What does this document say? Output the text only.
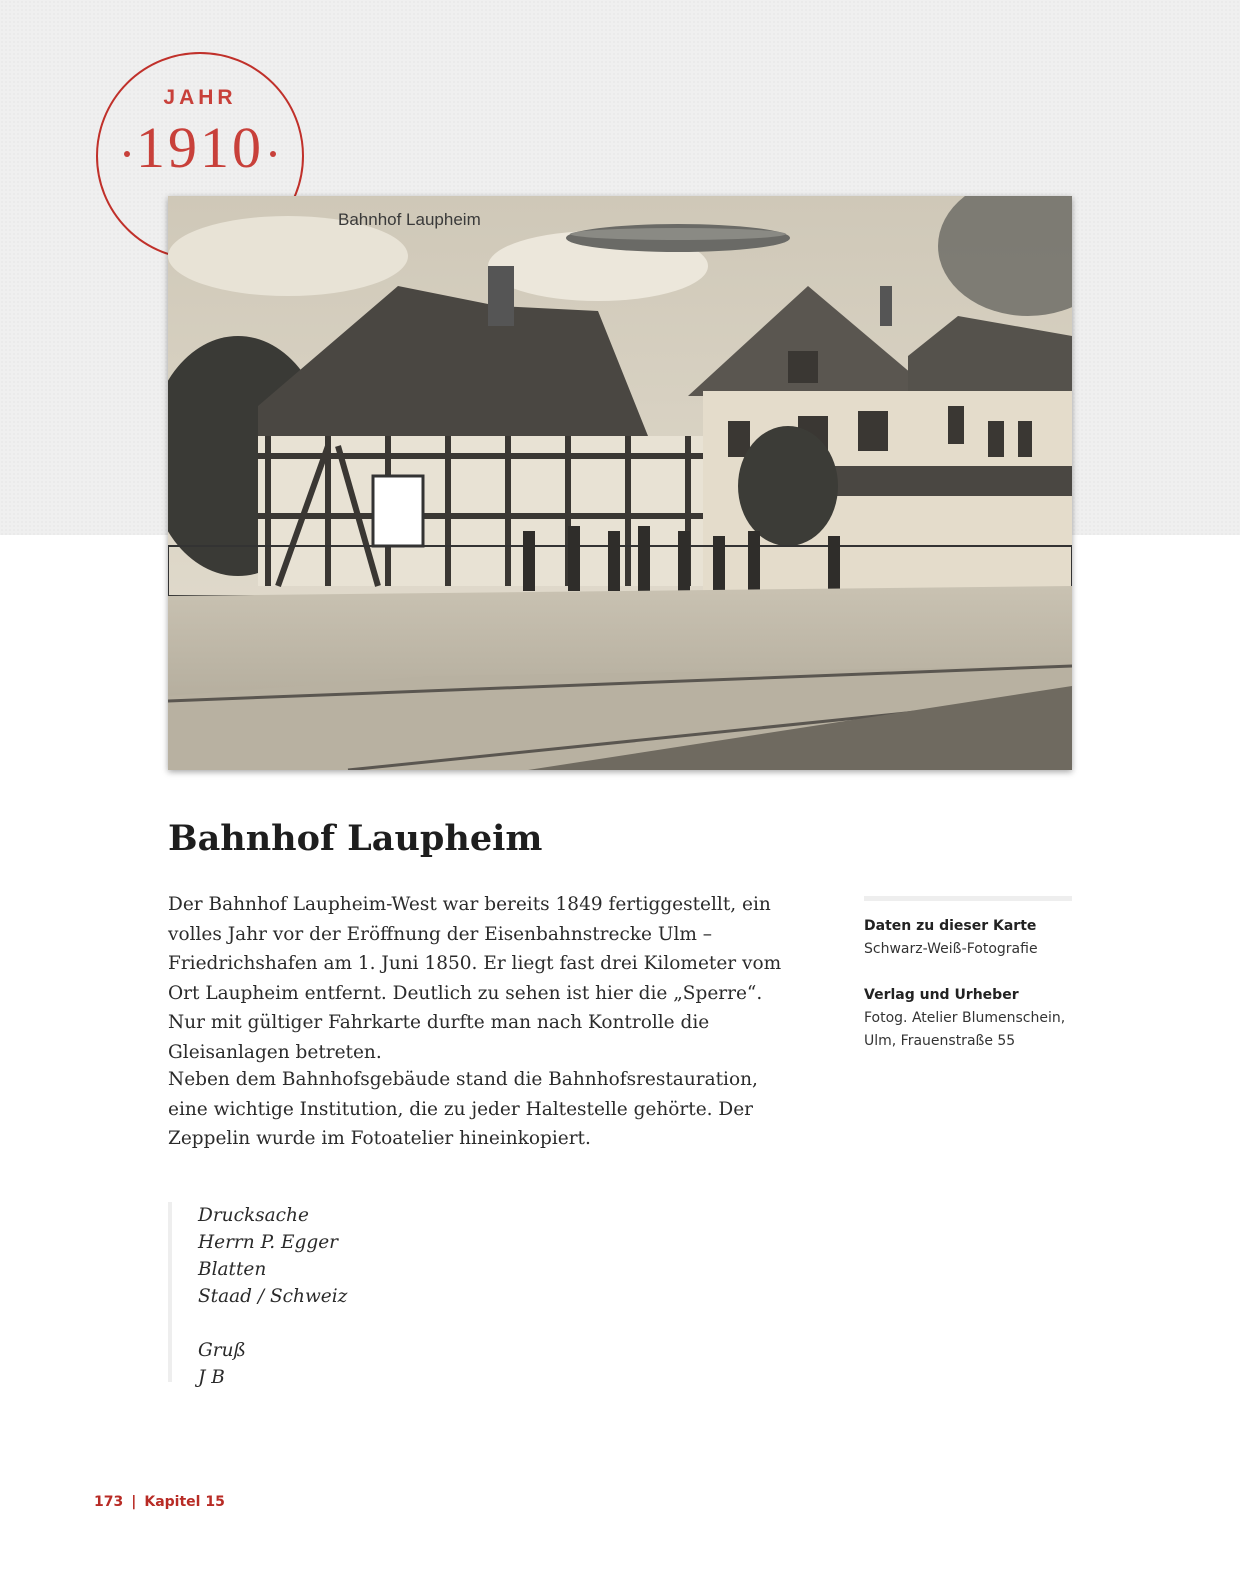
JAHR
1910
Bahnhof Laupheim
Bahnhof Laupheim

Der Bahnhof Laupheim-West war bereits 1849 fertiggestellt, ein volles Jahr vor der Eröffnung der Eisenbahnstrecke Ulm – Friedrichshafen am 1. Juni 1850. Er liegt fast drei Kilometer vom Ort Laupheim entfernt. Deutlich zu sehen ist hier die „Sperre“. Nur mit gültiger Fahrkarte durfte man nach Kontrolle die Gleisanlagen betreten.

Neben dem Bahnhofsgebäude stand die Bahnhofsrestauration, eine wichtige Institution, die zu jeder Haltestelle gehörte. Der Zeppelin wurde im Fotoatelier hineinkopiert.

Daten zu dieser Karte
Schwarz-Weiß-Fotografie
Verlag und Urheber
Fotog. Atelier Blumenschein,
Ulm, Frauenstraße 55
Drucksache
Herrn P. Egger
Blatten
Staad / Schweiz
Gruß
J B
173 | Kapitel 15
